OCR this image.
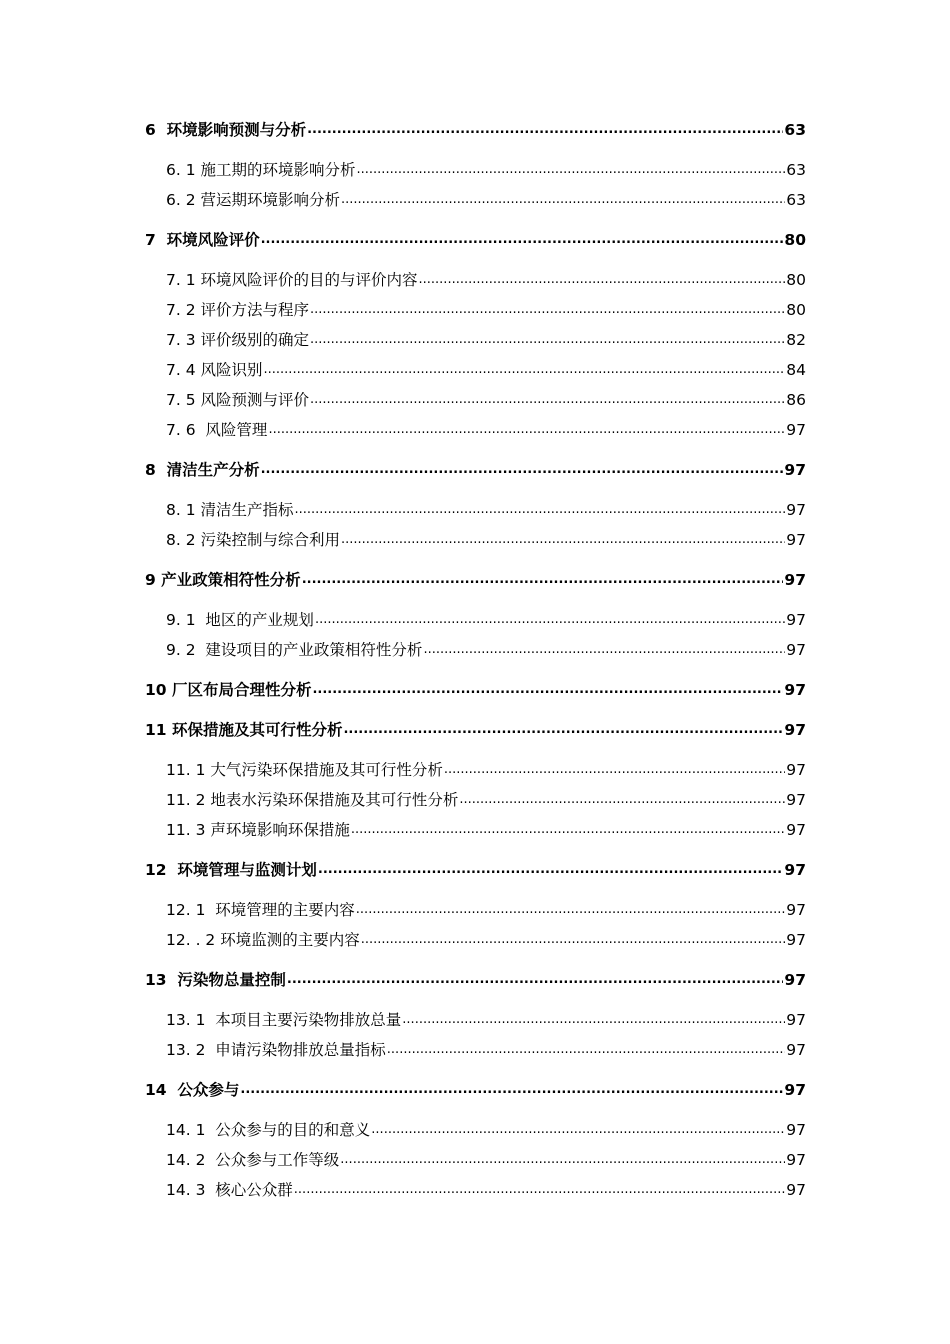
6  环境影响预测与分析 .....	63
6. 1 施工期的环境影响分析 .....	63
6. 2 营运期环境影响分析 .....	63
7  环境风险评价 .....	80
7. 1 环境风险评价的目的与评价内容 .....	80
7. 2 评价方法与程序 .....	80
7. 3 评价级别的确定 .....	82
7. 4 风险识别 .....	84
7. 5 风险预测与评价 .....	86
7. 6  风险管理 .....	97
8  清洁生产分析 .....	97
8. 1 清洁生产指标 .....	97
8. 2 污染控制与综合利用 .....	97
9 产业政策相符性分析 .....	97
9. 1  地区的产业规划 .....	97
9. 2  建设项目的产业政策相符性分析 .....	97
10 厂区布局合理性分析 .....	97
11 环保措施及其可行性分析 .....	97
11. 1 大气污染环保措施及其可行性分析 .....	97
11. 2 地表水污染环保措施及其可行性分析 .....	97
11. 3 声环境影响环保措施 .....	97
12  环境管理与监测计划 .....	97
12. 1  环境管理的主要内容 .....	97
12. . 2 环境监测的主要内容 .....	97
13  污染物总量控制 .....	97
13. 1  本项目主要污染物排放总量 .....	97
13. 2  申请污染物排放总量指标 .....	97
14  公众参与 .....	97
14. 1  公众参与的目的和意义 .....	97
14. 2  公众参与工作等级 .....	97
14. 3  核心公众群 .....	97
